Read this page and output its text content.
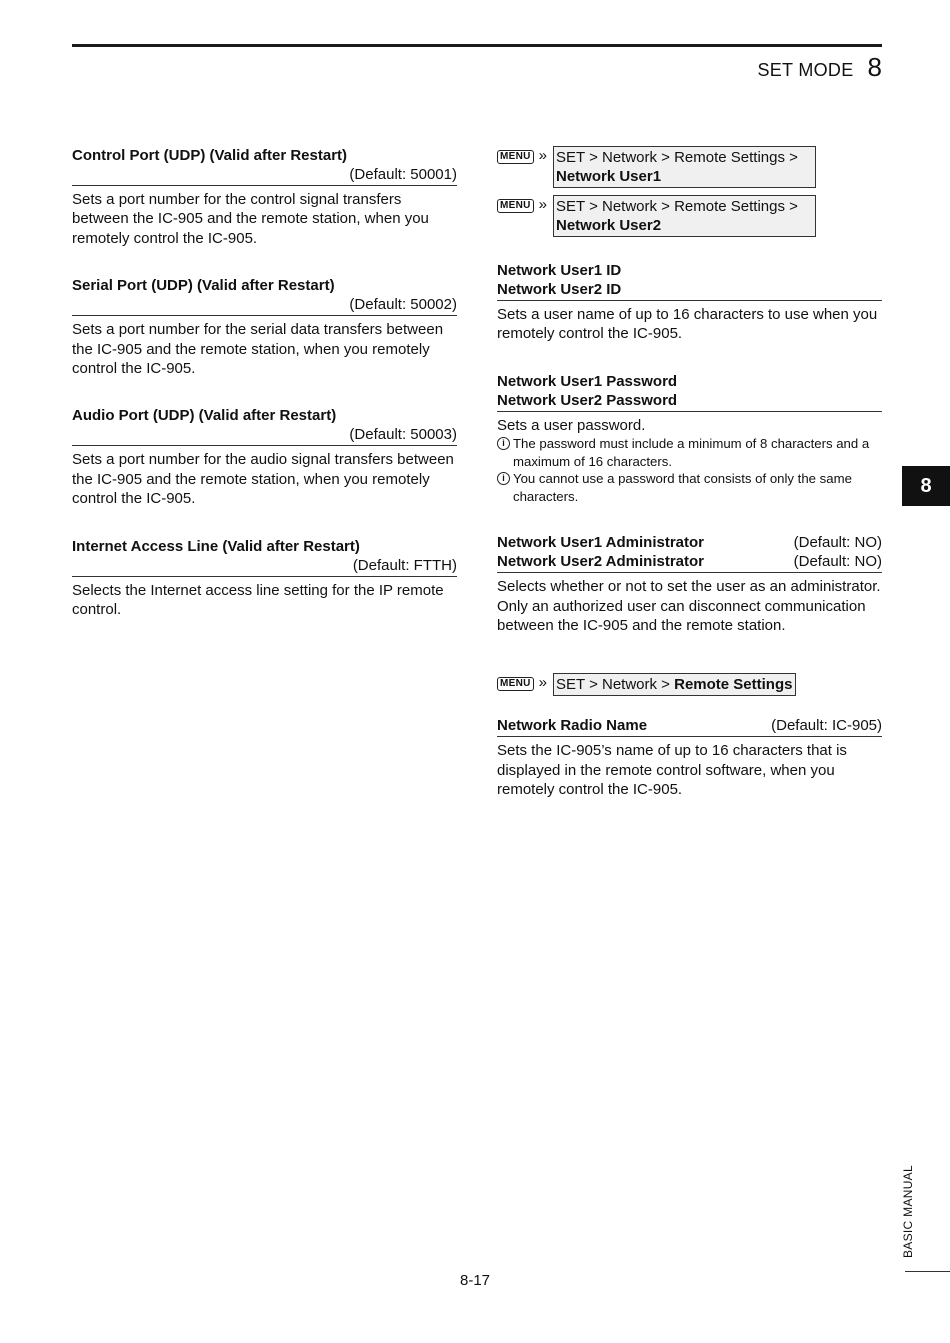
SET MODE 8
Control Port (UDP) (Valid after Restart)
(Default: 50001)
Sets a port number for the control signal transfers between the IC-905 and the remote station, when you remotely control the IC-905.
Serial Port (UDP) (Valid after Restart)
(Default: 50002)
Sets a port number for the serial data transfers between the IC-905 and the remote station, when you remotely control the IC-905.
Audio Port (UDP) (Valid after Restart)
(Default: 50003)
Sets a port number for the audio signal transfers between the IC-905 and the remote station, when you remotely control the IC-905.
Internet Access Line (Valid after Restart)
(Default: FTTH)
Selects the Internet access line setting for the IP remote control.
MENU » SET > Network > Remote Settings >
Network User1
MENU » SET > Network > Remote Settings >
Network User2
Network User1 ID
Network User2 ID
Sets a user name of up to 16 characters to use when you remotely control the IC-905.
Network User1 Password
Network User2 Password
Sets a user password.
i The password must include a minimum of 8 characters and a maximum of 16 characters.
i You cannot use a password that consists of only the same characters.
Network User1 Administrator	(Default: NO)
Network User2 Administrator	(Default: NO)
Selects whether or not to set the user as an administrator.
Only an authorized user can disconnect communication between the IC-905 and the remote station.
MENU » SET > Network > Remote Settings
Network Radio Name	(Default: IC-905)
Sets the IC-905’s name of up to 16 characters that is displayed in the remote control software, when you remotely control the IC-905.
8
BASIC MANUAL
8-17
